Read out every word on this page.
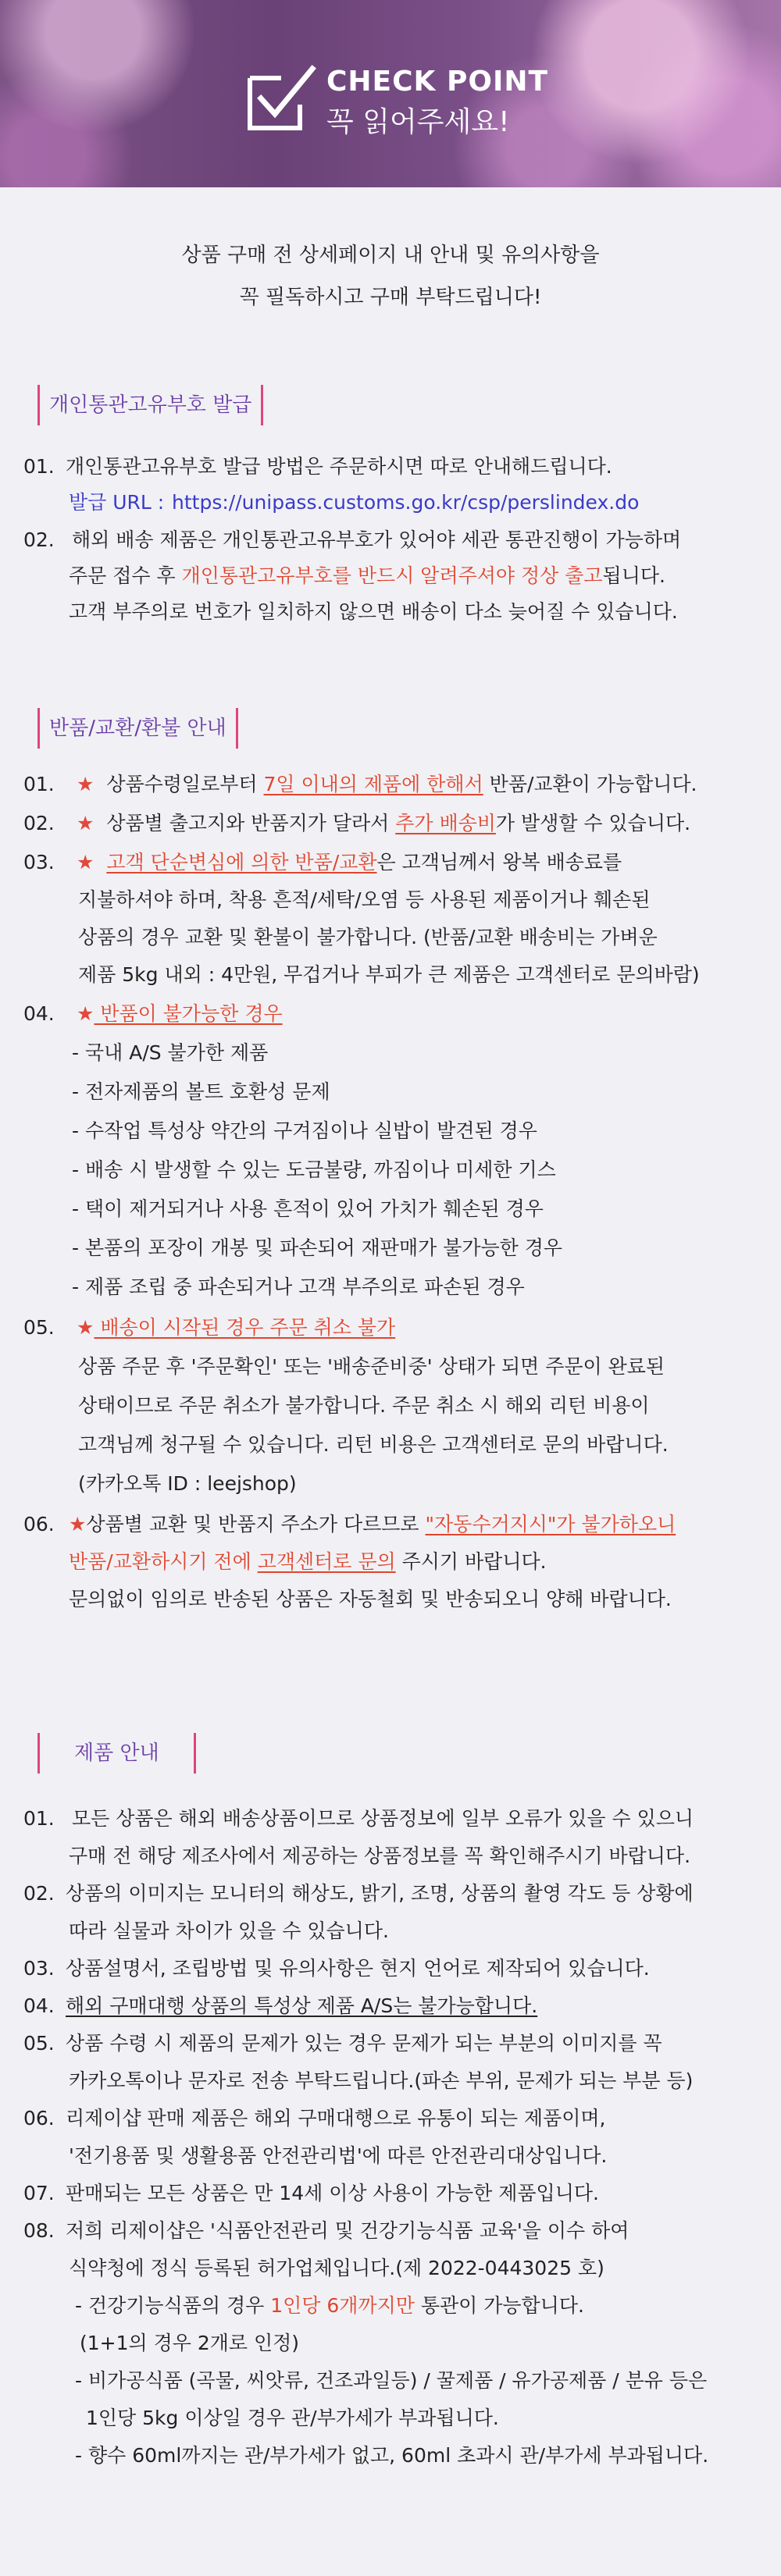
CHECK POINT
꼭 읽어주세요!
상품 구매 전 상세페이지 내 안내 및 유의사항을
꼭 필독하시고 구매 부탁드립니다!
개인통관고유부호 발급
01. 개인통관고유부호 발급 방법은 주문하시면 따로 안내해드립니다.
발급 URL : https://unipass.customs.go.kr/csp/perslindex.do
02. 해외 배송 제품은 개인통관고유부호가 있어야 세관 통관진행이 가능하며
주문 접수 후 개인통관고유부호를 반드시 알려주셔야 정상 출고됩니다.
고객 부주의로 번호가 일치하지 않으면 배송이 다소 늦어질 수 있습니다.
반품/교환/환불 안내
01.	★ 상품수령일로부터 7일 이내의 제품에 한해서 반품/교환이 가능합니다.
02.	★ 상품별 출고지와 반품지가 달라서 추가 배송비가 발생할 수 있습니다.
03.	★ 고객 단순변심에 의한 반품/교환은 고객님께서 왕복 배송료를
지불하셔야 하며, 착용 흔적/세탁/오염 등 사용된 제품이거나 훼손된
상품의 경우 교환 및 환불이 불가합니다. (반품/교환 배송비는 가벼운
제품 5kg 내외 : 4만원, 무겁거나 부피가 큰 제품은 고객센터로 문의바람)
04.	★ 반품이 불가능한 경우
- 국내 A/S 불가한 제품
- 전자제품의 볼트 호환성 문제
- 수작업 특성상 약간의 구겨짐이나 실밥이 발견된 경우
- 배송 시 발생할 수 있는 도금불량, 까짐이나 미세한 기스
- 택이 제거되거나 사용 흔적이 있어 가치가 훼손된 경우
- 본품의 포장이 개봉 및 파손되어 재판매가 불가능한 경우
- 제품 조립 중 파손되거나 고객 부주의로 파손된 경우
05.	★ 배송이 시작된 경우 주문 취소 불가
상품 주문 후 '주문확인' 또는 '배송준비중' 상태가 되면 주문이 완료된
상태이므로 주문 취소가 불가합니다. 주문 취소 시 해외 리턴 비용이
고객님께 청구될 수 있습니다. 리턴 비용은 고객센터로 문의 바랍니다.
(카카오톡 ID : leejshop)
06. ★상품별 교환 및 반품지 주소가 다르므로 "자동수거지시"가 불가하오니
반품/교환하시기 전에 고객센터로 문의 주시기 바랍니다.
문의없이 임의로 반송된 상품은 자동철회 및 반송되오니 양해 바랍니다.
제품 안내
01. 모든 상품은 해외 배송상품이므로 상품정보에 일부 오류가 있을 수 있으니
구매 전 해당 제조사에서 제공하는 상품정보를 꼭 확인해주시기 바랍니다.
02. 상품의 이미지는 모니터의 해상도, 밝기, 조명, 상품의 촬영 각도 등 상황에
따라 실물과 차이가 있을 수 있습니다.
03. 상품설명서, 조립방법 및 유의사항은 현지 언어로 제작되어 있습니다.
04. 해외 구매대행 상품의 특성상 제품 A/S는 불가능합니다.
05. 상품 수령 시 제품의 문제가 있는 경우 문제가 되는 부분의 이미지를 꼭
카카오톡이나 문자로 전송 부탁드립니다.(파손 부위, 문제가 되는 부분 등)
06. 리제이샵 판매 제품은 해외 구매대행으로 유통이 되는 제품이며,
'전기용품 및 생활용품 안전관리법'에 따른 안전관리대상입니다.
07. 판매되는 모든 상품은 만 14세 이상 사용이 가능한 제품입니다.
08. 저희 리제이샵은 '식품안전관리 및 건강기능식품 교육'을 이수 하여
식약청에 정식 등록된 허가업체입니다.(제 2022-0443025 호)
- 건강기능식품의 경우 1인당 6개까지만 통관이 가능합니다.
(1+1의 경우 2개로 인정)
- 비가공식품 (곡물, 씨앗류, 건조과일등) / 꿀제품 / 유가공제품 / 분유 등은
1인당 5kg 이상일 경우 관/부가세가 부과됩니다.
- 향수 60ml까지는 관/부가세가 없고, 60ml 초과시 관/부가세 부과됩니다.
